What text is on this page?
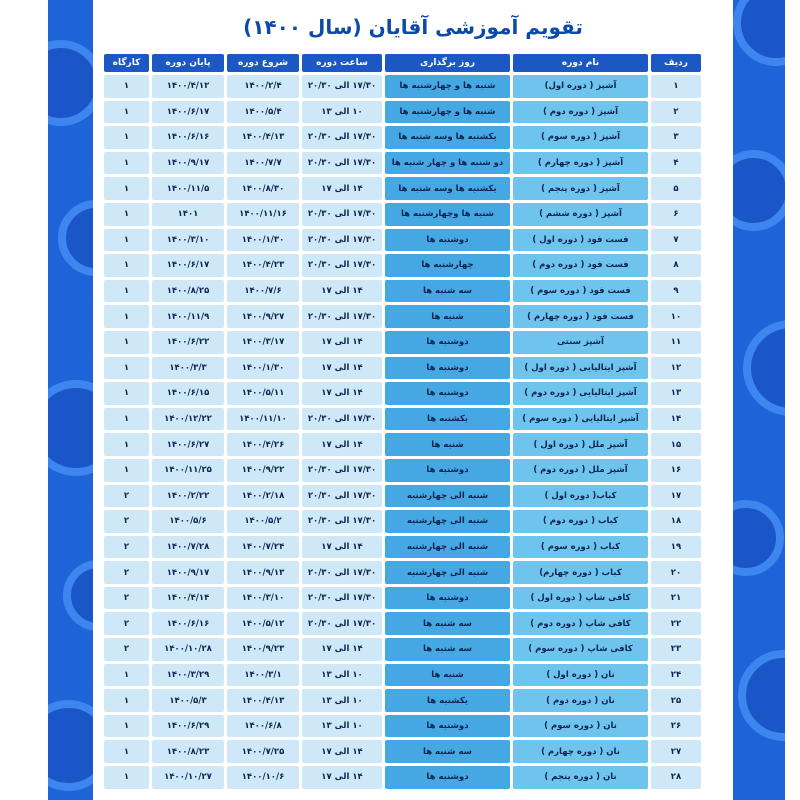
تقویم آموزشی آقایان (سال ۱۴۰۰)
ردیف	نام دوره	روز برگذاری	ساعت دوره	شروع دوره	پایان دوره	کارگاه
۱	آشپز ( دوره اول)	شنبه ها و چهارشنبه ها	۱۷/۳۰ الی ۲۰/۳۰	۱۴۰۰/۲/۴	۱۴۰۰/۴/۱۲	۱
۲	آشپز ( دوره دوم )	شنبه ها و چهارشنبه ها	۱۰ الی ۱۳	۱۴۰۰/۵/۴	۱۴۰۰/۶/۱۷	۱
۳	آشپز ( دوره سوم )	یکشنبه ها وسه شنبه ها	۱۷/۳۰ الی ۲۰/۳۰	۱۴۰۰/۴/۱۳	۱۴۰۰/۶/۱۶	۱
۴	آشپز ( دوره چهارم )	دو شنبه ها و چهار شنبه ها	۱۷/۳۰ الی ۲۰/۳۰	۱۴۰۰/۷/۷	۱۴۰۰/۹/۱۷	۱
۵	آشپز ( دوره پنجم )	یکشنبه ها وسه شنبه ها	۱۴ الی ۱۷	۱۴۰۰/۸/۳۰	۱۴۰۰/۱۱/۵	۱
۶	آشپز ( دوره ششم )	شنبه ها وچهارشنبه ها	۱۷/۳۰ الی ۲۰/۳۰	۱۴۰۰/۱۱/۱۶	۱۴۰۱	۱
۷	فست فود ( دوره اول )	دوشنبه ها	۱۷/۳۰ الی ۲۰/۳۰	۱۴۰۰/۱/۳۰	۱۴۰۰/۳/۱۰	۱
۸	فست فود ( دوره دوم )	چهارشنبه ها	۱۷/۳۰ الی ۲۰/۳۰	۱۴۰۰/۴/۲۳	۱۴۰۰/۶/۱۷	۱
۹	فست فود ( دوره سوم )	سه شنبه ها	۱۴ الی ۱۷	۱۴۰۰/۷/۶	۱۴۰۰/۸/۲۵	۱
۱۰	فست فود ( دوره چهارم )	شنبه ها	۱۷/۳۰ الی ۲۰/۳۰	۱۴۰۰/۹/۲۷	۱۴۰۰/۱۱/۹	۱
۱۱	آشپز سنتی	دوشنبه ها	۱۴ الی ۱۷	۱۴۰۰/۳/۱۷	۱۴۰۰/۶/۲۲	۱
۱۲	آشپز ایتالیایی ( دوره اول )	دوشنبه ها	۱۴ الی ۱۷	۱۴۰۰/۱/۳۰	۱۴۰۰/۳/۳	۱
۱۳	آشپز ایتالیایی ( دوره دوم )	دوشنبه ها	۱۴ الی ۱۷	۱۴۰۰/۵/۱۱	۱۴۰۰/۶/۱۵	۱
۱۴	آشپز ایتالیایی ( دوره سوم )	یکشنبه ها	۱۷/۳۰ الی ۲۰/۳۰	۱۴۰۰/۱۱/۱۰	۱۴۰۰/۱۲/۲۲	۱
۱۵	آشپز ملل ( دوره اول )	شنبه ها	۱۴ الی ۱۷	۱۴۰۰/۴/۲۶	۱۴۰۰/۶/۲۷	۱
۱۶	آشپز ملل ( دوره دوم )	دوشنبه ها	۱۷/۳۰ الی ۲۰/۳۰	۱۴۰۰/۹/۲۲	۱۴۰۰/۱۱/۲۵	۱
۱۷	کباب( دوره اول )	شنبه الی چهارشنبه	۱۷/۳۰ الی ۲۰/۳۰	۱۴۰۰/۲/۱۸	۱۴۰۰/۲/۲۲	۲
۱۸	کباب ( دوره دوم )	شنبه الی چهارشنبه	۱۷/۳۰ الی ۲۰/۳۰	۱۴۰۰/۵/۲	۱۴۰۰/۵/۶	۲
۱۹	کباب ( دوره سوم )	شنبه الی چهارشنبه	۱۴ الی ۱۷	۱۴۰۰/۷/۲۴	۱۴۰۰/۷/۲۸	۲
۲۰	کباب ( دوره چهارم)	شنبه الی چهارشنبه	۱۷/۳۰ الی ۲۰/۳۰	۱۴۰۰/۹/۱۳	۱۴۰۰/۹/۱۷	۲
۲۱	کافی شاپ ( دوره اول )	دوشنبه ها	۱۷/۳۰ الی ۲۰/۳۰	۱۴۰۰/۳/۱۰	۱۴۰۰/۴/۱۴	۲
۲۲	کافی شاپ ( دوره دوم )	سه شنبه ها	۱۷/۳۰ الی ۲۰/۳۰	۱۴۰۰/۵/۱۲	۱۴۰۰/۶/۱۶	۲
۲۳	کافی شاپ ( دوره سوم )	سه شنبه ها	۱۴ الی ۱۷	۱۴۰۰/۹/۲۳	۱۴۰۰/۱۰/۲۸	۲
۲۴	نان ( دوره اول )	شنبه ها	۱۰ الی ۱۳	۱۴۰۰/۳/۱	۱۴۰۰/۳/۲۹	۱
۲۵	نان ( دوره دوم )	یکشنبه ها	۱۰ الی ۱۳	۱۴۰۰/۴/۱۳	۱۴۰۰/۵/۳	۱
۲۶	نان ( دوره سوم )	دوشنبه ها	۱۰ الی ۱۳	۱۴۰۰/۶/۸	۱۴۰۰/۶/۲۹	۱
۲۷	نان ( دوره چهارم )	سه شنبه ها	۱۴ الی ۱۷	۱۴۰۰/۷/۲۵	۱۴۰۰/۸/۲۳	۱
۲۸	نان ( دوره پنجم )	دوشنبه ها	۱۴ الی ۱۷	۱۴۰۰/۱۰/۶	۱۴۰۰/۱۰/۲۷	۱
